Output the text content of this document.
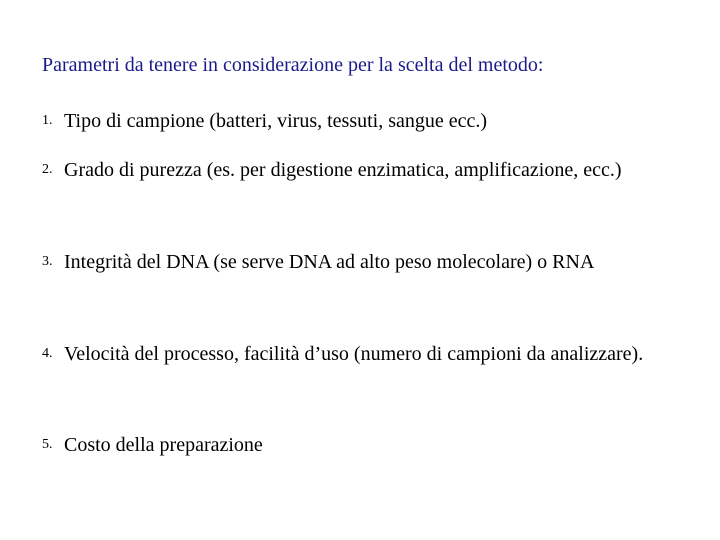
Parametri da tenere in considerazione per la scelta del metodo:
1. Tipo di campione (batteri, virus, tessuti, sangue ecc.)
2. Grado di purezza (es. per digestione enzimatica, amplificazione, ecc.)
3. Integrità del DNA (se serve DNA ad alto peso molecolare) o RNA
4. Velocità del processo, facilità d’uso (numero di campioni da analizzare).
5. Costo della preparazione
